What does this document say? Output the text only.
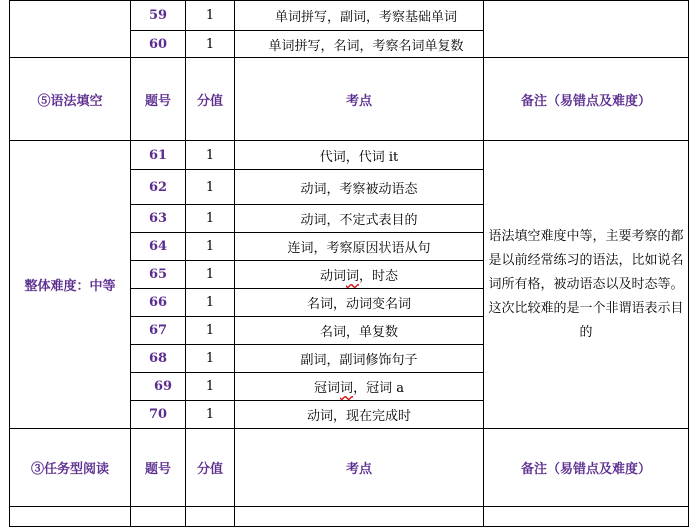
	59	1	单词拼写，副词，考察基础单词	
	60	1	单词拼写，名词，考察名词单复数	
⑤语法填空	题号	分值	考点	备注（易错点及难度）
整体难度：中等	61	1	代词，代词 it	语法填空难度中等，主要考察的都是以前经常练习的语法，比如说名词所有格，被动语态以及时态等。这次比较难的是一个非谓语表示目的
	62	1	动词，考察被动语态	
	63	1	动词，不定式表目的	
	64	1	连词，考察原因状语从句	
	65	1	动词词，时态	
	66	1	名词，动词变名词	
	67	1	名词，单复数	
	68	1	副词，副词修饰句子	
	69	1	冠词词，冠词 a	
	70	1	动词，现在完成时	
③任务型阅读	题号	分值	考点	备注（易错点及难度）
